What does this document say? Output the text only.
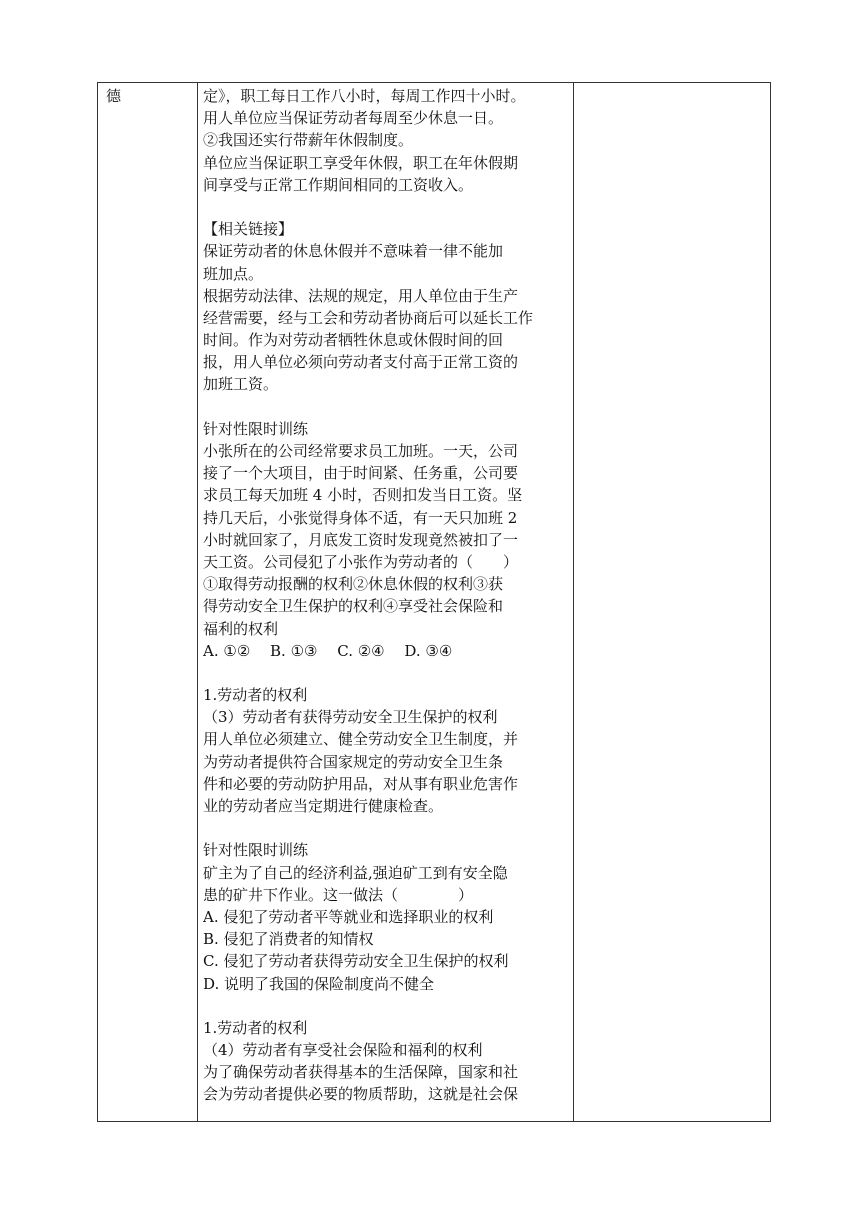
德	定》，职工每日工作八小时，每周工作四十小时。
用人单位应当保证劳动者每周至少休息一日。
②我国还实行带薪年休假制度。
单位应当保证职工享受年休假，职工在年休假期
间享受与正常工作期间相同的工资收入。
【相关链接】
保证劳动者的休息休假并不意味着一律不能加
班加点。
根据劳动法律、法规的规定，用人单位由于生产
经营需要，经与工会和劳动者协商后可以延长工作
时间。作为对劳动者牺牲休息或休假时间的回
报，用人单位必须向劳动者支付高于正常工资的
加班工资。
针对性限时训练
小张所在的公司经常要求员工加班。一天，公司
接了一个大项目，由于时间紧、任务重，公司要
求员工每天加班 4 小时，否则扣发当日工资。坚
持几天后，小张觉得身体不适，有一天只加班 2
小时就回家了，月底发工资时发现竟然被扣了一
天工资。公司侵犯了小张作为劳动者的（　　）
①取得劳动报酬的权利②休息休假的权利③获
得劳动安全卫生保护的权利④享受社会保险和
福利的权利
A. ①②　 B. ①③　 C. ②④　 D. ③④
1.劳动者的权利
（3）劳动者有获得劳动安全卫生保护的权利
用人单位必须建立、健全劳动安全卫生制度，并
为劳动者提供符合国家规定的劳动安全卫生条
件和必要的劳动防护用品，对从事有职业危害作
业的劳动者应当定期进行健康检查。
针对性限时训练
矿主为了自己的经济利益,强迫矿工到有安全隐
患的矿井下作业。这一做法（　　　　）
A. 侵犯了劳动者平等就业和选择职业的权利
B. 侵犯了消费者的知情权
C. 侵犯了劳动者获得劳动安全卫生保护的权利
D. 说明了我国的保险制度尚不健全
1.劳动者的权利
（4）劳动者有享受社会保险和福利的权利
为了确保劳动者获得基本的生活保障，国家和社
会为劳动者提供必要的物质帮助，这就是社会保
